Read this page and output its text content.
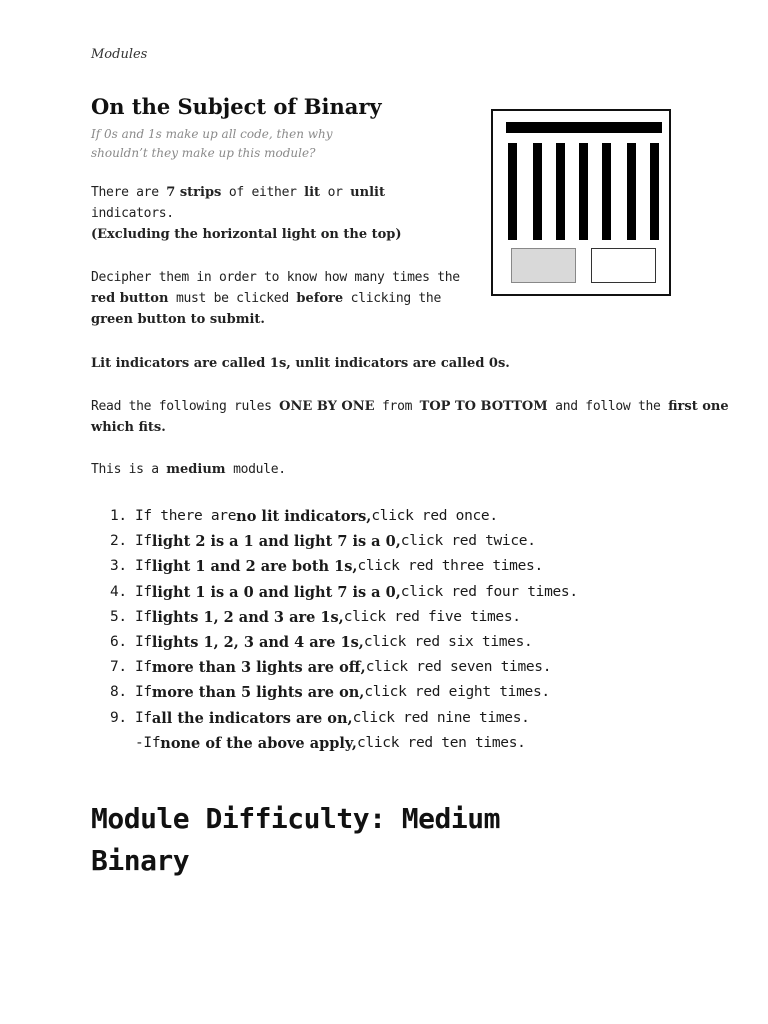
Modules
On the Subject of Binary
If 0s and 1s make up all code, then why shouldn’t they make up this module?
There are 7 strips of either lit or unlit
indicators.
(Excluding the horizontal light on the top)
Decipher them in order to know how many times the red button must be clicked before clicking the green button to submit.
Lit indicators are called 1s, unlit indicators are called 0s.
Read the following rules ONE BY ONE from TOP TO BOTTOM and follow the first one which fits.
This is a medium module.
1. If there are no lit indicators, click red once.
2. If light 2 is a 1 and light 7 is a 0, click red twice.
3. If light 1 and 2 are both 1s, click red three times.
4. If light 1 is a 0 and light 7 is a 0, click red four times.
5. If lights 1, 2 and 3 are 1s, click red five times.
6. If lights 1, 2, 3 and 4 are 1s, click red six times.
7. If more than 3 lights are off, click red seven times.
8. If more than 5 lights are on, click red eight times.
9. If all the indicators are on, click red nine times.
-If none of the above apply, click red ten times.
Module Difficulty: Medium
Binary
